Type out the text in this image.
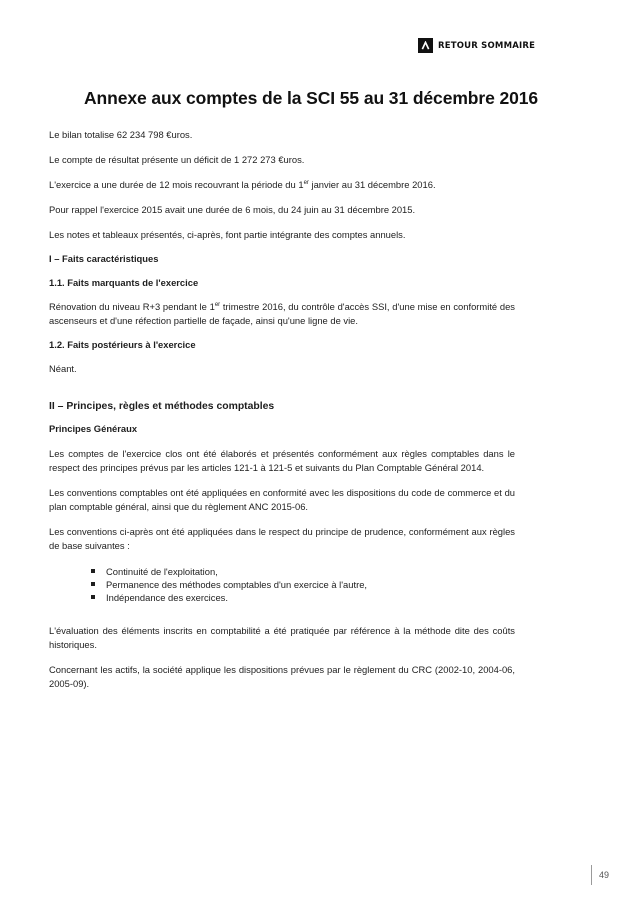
RETOUR SOMMAIRE
Annexe aux comptes de la SCI 55 au 31 décembre 2016

Le bilan totalise 62 234 798 €uros.

Le compte de résultat présente un déficit de 1 272 273 €uros.

L'exercice a une durée de 12 mois recouvrant la période du 1er janvier au 31 décembre 2016.

Pour rappel l'exercice 2015 avait une durée de 6 mois, du 24 juin au 31 décembre 2015.

Les notes et tableaux présentés, ci-après, font partie intégrante des comptes annuels.

I – Faits caractéristiques

1.1. Faits marquants de l'exercice

Rénovation du niveau R+3 pendant le 1er trimestre 2016, du contrôle d'accès SSI, d'une mise en conformité des ascenseurs et d'une réfection partielle de façade, ainsi qu'une ligne de vie.

1.2. Faits postérieurs à l'exercice

Néant.

II – Principes, règles et méthodes comptables

Principes Généraux

Les comptes de l'exercice clos ont été élaborés et présentés conformément aux règles comptables dans le respect des principes prévus par les articles 121-1 à 121-5 et suivants du Plan Comptable Général 2014.

Les conventions comptables ont été appliquées en conformité avec les dispositions du code de commerce et du plan comptable général, ainsi que du règlement ANC 2015-06.

Les conventions ci-après ont été appliquées dans le respect du principe de prudence, conformément aux règles de base suivantes :

Continuité de l'exploitation,
Permanence des méthodes comptables d'un exercice à l'autre,
Indépendance des exercices.

L'évaluation des éléments inscrits en comptabilité a été pratiquée par référence à la méthode dite des coûts historiques.

Concernant les actifs, la société applique les dispositions prévues par le règlement du CRC (2002-10, 2004-06, 2005-09).

49
